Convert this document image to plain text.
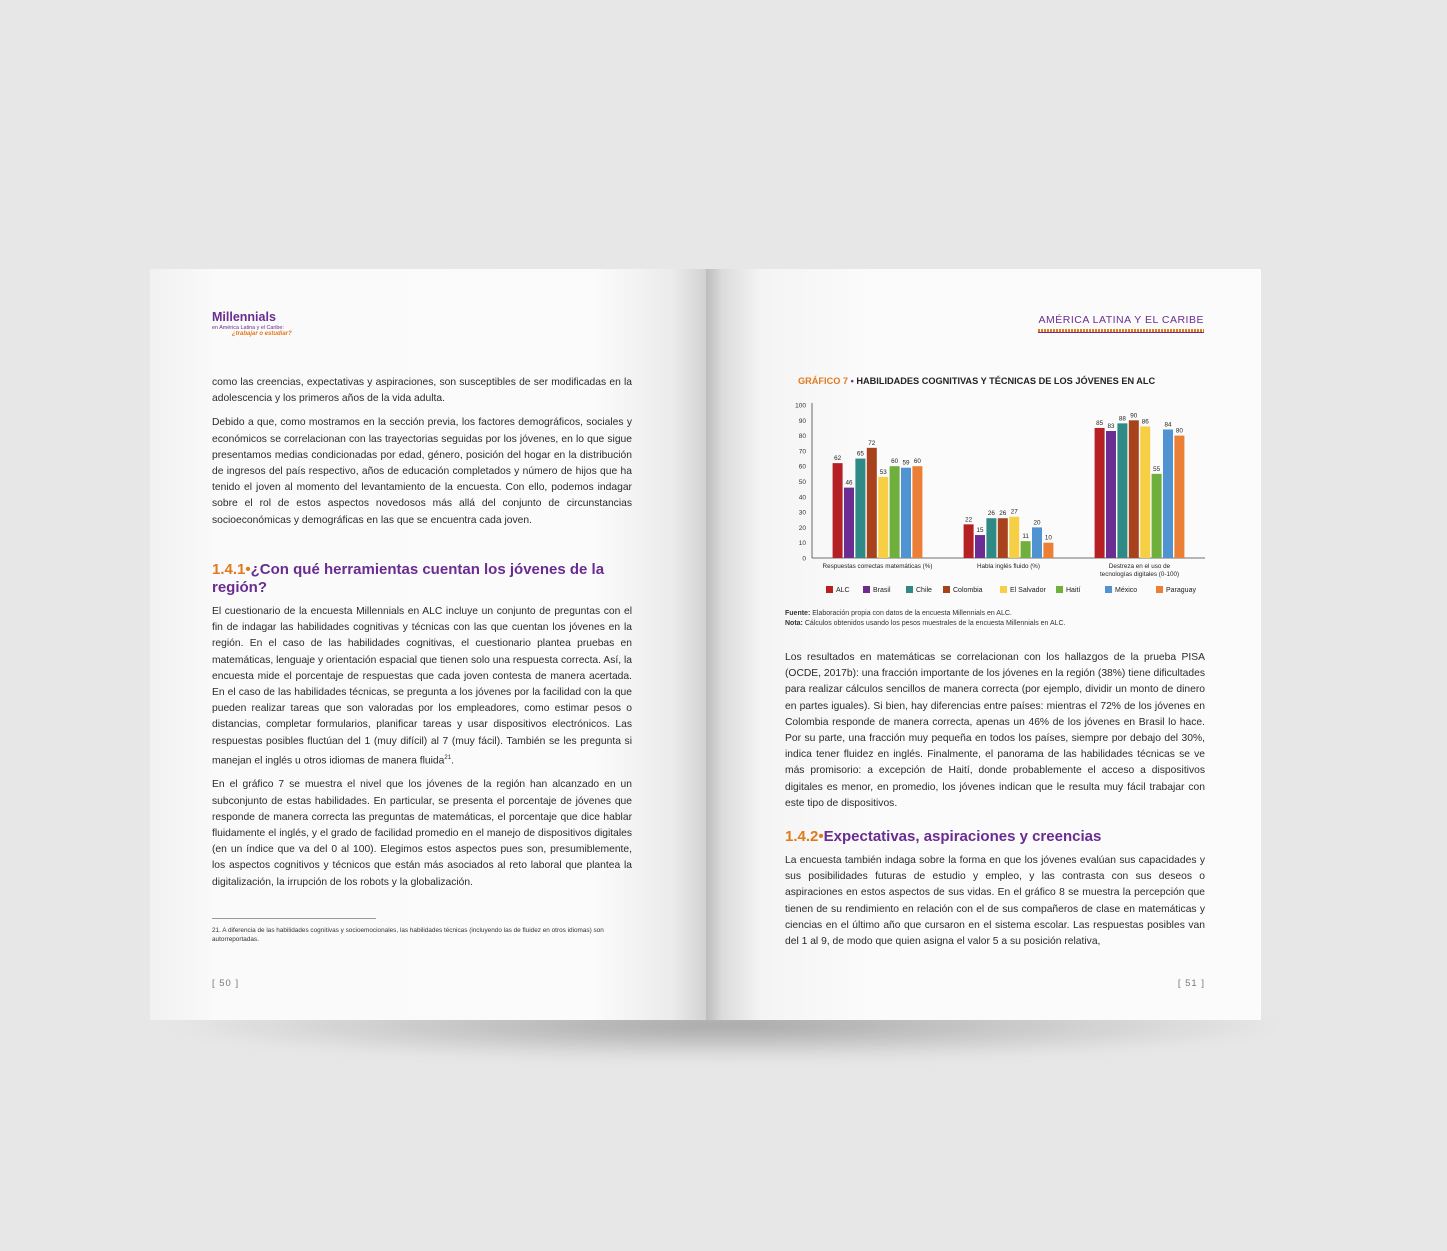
Millennials
en América Latina y el Caribe:
¿trabajar o estudiar?

como las creencias, expectativas y aspiraciones, son susceptibles de ser modificadas en la adolescencia y los primeros años de la vida adulta.

Debido a que, como mostramos en la sección previa, los factores demográficos, sociales y económicos se correlacionan con las trayectorias seguidas por los jóvenes, en lo que sigue presentamos medias condicionadas por edad, género, posición del hogar en la distribución de ingresos del país respectivo, años de educación completados y número de hijos que ha tenido el joven al momento del levantamiento de la encuesta. Con ello, podemos indagar sobre el rol de estos aspectos novedosos más allá del conjunto de circunstancias socioeconómicas y demográficas en las que se encuentra cada joven.

1.4.1•¿Con qué herramientas cuentan los jóvenes de la región?

El cuestionario de la encuesta Millennials en ALC incluye un conjunto de preguntas con el fin de indagar las habilidades cognitivas y técnicas con las que cuentan los jóvenes en la región. En el caso de las habilidades cognitivas, el cuestionario plantea pruebas en matemáticas, lenguaje y orientación espacial que tienen solo una respuesta correcta. Así, la encuesta mide el porcentaje de respuestas que cada joven contesta de manera acertada. En el caso de las habilidades técnicas, se pregunta a los jóvenes por la facilidad con la que pueden realizar tareas que son valoradas por los empleadores, como estimar pesos o distancias, completar formularios, planificar tareas y usar dispositivos electrónicos. Las respuestas posibles fluctúan del 1 (muy difícil) al 7 (muy fácil). También se les pregunta si manejan el inglés u otros idiomas de manera fluida$^{21}$.

En el gráfico 7 se muestra el nivel que los jóvenes de la región han alcanzado en un subconjunto de estas habilidades. En particular, se presenta el porcentaje de jóvenes que responde de manera correcta las preguntas de matemáticas, el porcentaje que dice hablar fluidamente el inglés, y el grado de facilidad promedio en el manejo de dispositivos digitales (en un índice que va del 0 al 100). Elegimos estos aspectos pues son, presumiblemente, los aspectos cognitivos y técnicos que están más asociados al reto laboral que plantea la digitalización, la irrupción de los robots y la globalización.

21. A diferencia de las habilidades cognitivas y socioemocionales, las habilidades técnicas (incluyendo las de fluidez en otros idiomas) son autorreportadas.
[ 50 ]
AMÉRICA LATINA Y EL CARIBE
GRÁFICO 7 • HABILIDADES COGNITIVAS Y TÉCNICAS DE LOS JÓVENES EN ALC
0
10
20
30
40
50
60
70
80
90
100
62
46
65
72
53
60 59 60
Respuestas correctas matemáticas (%)
22
15
26 26 27
11
20
10
Habla inglés fluido (%)
85 83
88 90
86
55
84
80
Destreza en el uso de
tecnologías digitales (0-100)
ALC	Brasil	Chile	Colombia	El Salvador	Haití	México	Paraguay
Fuente: Elaboración propia con datos de la encuesta Millennials en ALC.
Nota: Cálculos obtenidos usando los pesos muestrales de la encuesta Millennials en ALC.

Los resultados en matemáticas se correlacionan con los hallazgos de la prueba PISA (OCDE, 2017b): una fracción importante de los jóvenes en la región (38%) tiene dificultades para realizar cálculos sencillos de manera correcta (por ejemplo, dividir un monto de dinero en partes iguales). Si bien, hay diferencias entre países: mientras el 72% de los jóvenes en Colombia responde de manera correcta, apenas un 46% de los jóvenes en Brasil lo hace. Por su parte, una fracción muy pequeña en todos los países, siempre por debajo del 30%, indica tener fluidez en inglés. Finalmente, el panorama de las habilidades técnicas se ve más promisorio: a excepción de Haití, donde probablemente el acceso a dispositivos digitales es menor, en promedio, los jóvenes indican que le resulta muy fácil trabajar con este tipo de dispositivos.

1.4.2•Expectativas, aspiraciones y creencias

La encuesta también indaga sobre la forma en que los jóvenes evalúan sus capacidades y sus posibilidades futuras de estudio y empleo, y las contrasta con sus deseos o aspiraciones en estos aspectos de sus vidas. En el gráfico 8 se muestra la percepción que tienen de su rendimiento en relación con el de sus compañeros de clase en matemáticas y ciencias en el último año que cursaron en el sistema escolar. Las respuestas posibles van del 1 al 9, de modo que quien asigna el valor 5 a su posición relativa,

[ 51 ]
